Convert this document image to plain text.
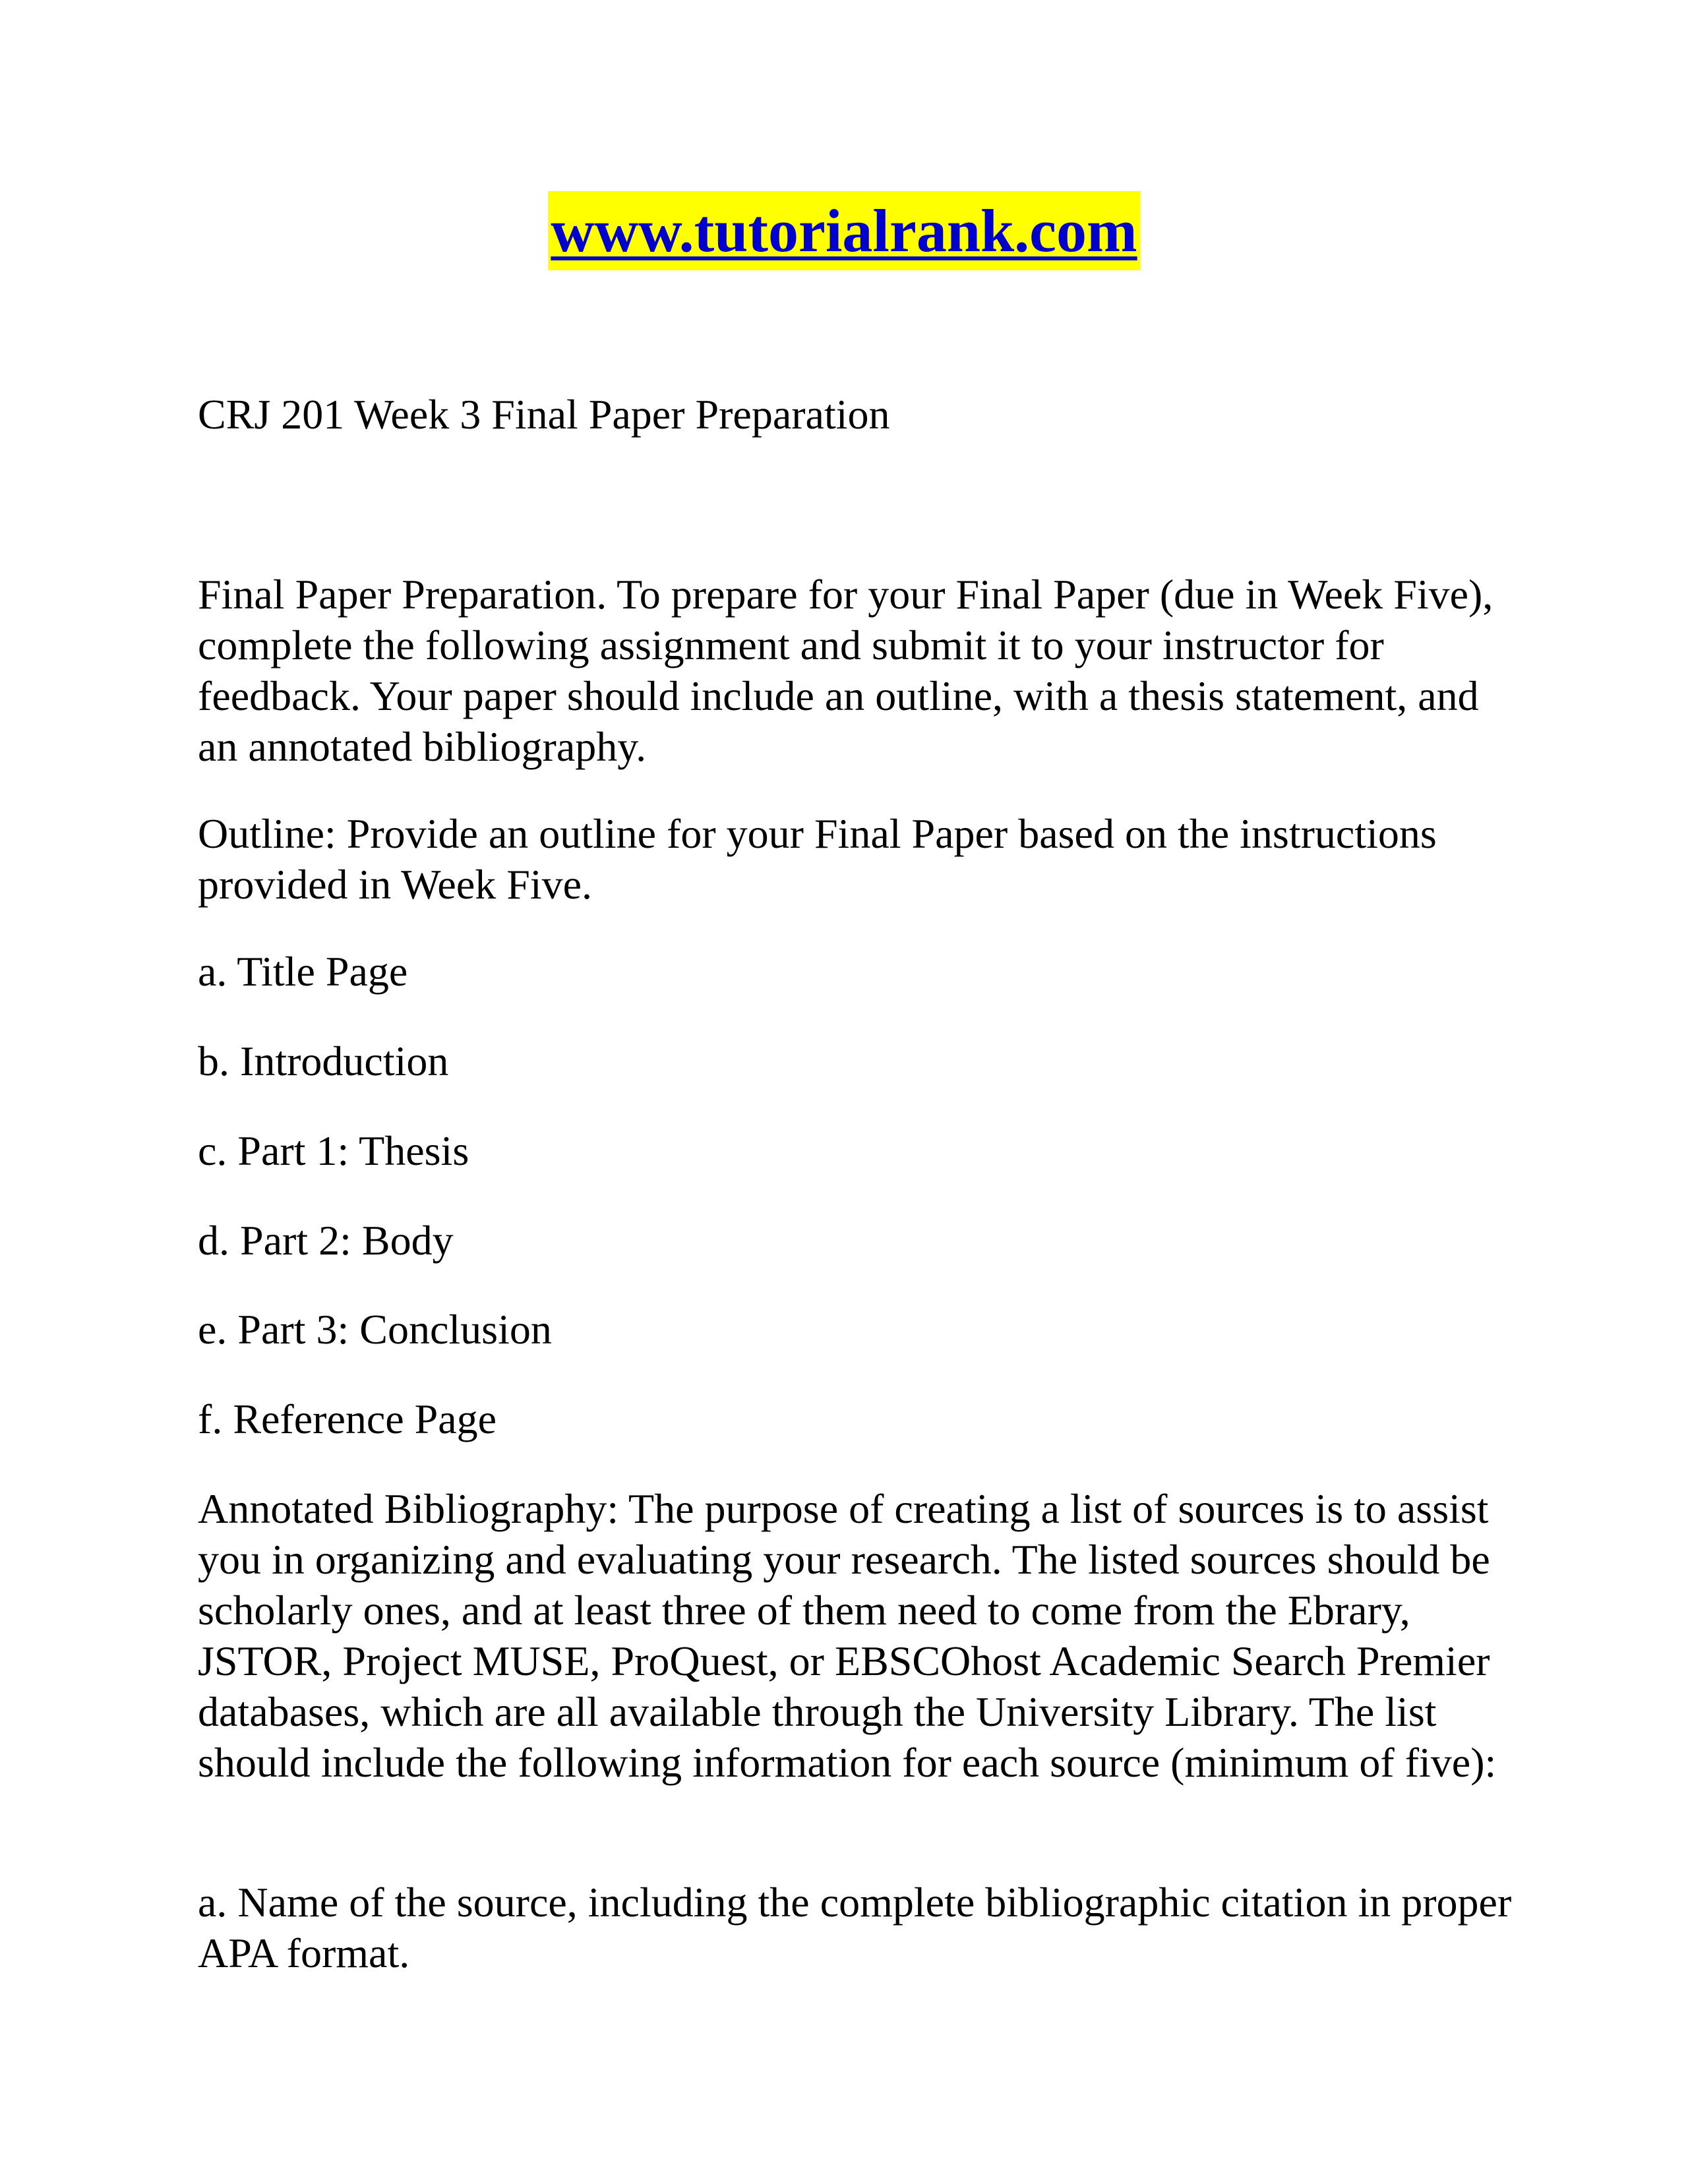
www.tutorialrank.com

CRJ 201 Week 3 Final Paper Preparation

Final Paper Preparation. To prepare for your Final Paper (due in Week Five), complete the following assignment and submit it to your instructor for feedback. Your paper should include an outline, with a thesis statement, and an annotated bibliography.

Outline: Provide an outline for your Final Paper based on the instructions provided in Week Five.

a. Title Page

b. Introduction

c. Part 1: Thesis

d. Part 2: Body

e. Part 3: Conclusion

f. Reference Page

Annotated Bibliography: The purpose of creating a list of sources is to assist you in organizing and evaluating your research. The listed sources should be scholarly ones, and at least three of them need to come from the Ebrary, JSTOR, Project MUSE, ProQuest, or EBSCOhost Academic Search Premier databases, which are all available through the University Library. The list should include the following information for each source (minimum of five):

a. Name of the source, including the complete bibliographic citation in proper APA format.
